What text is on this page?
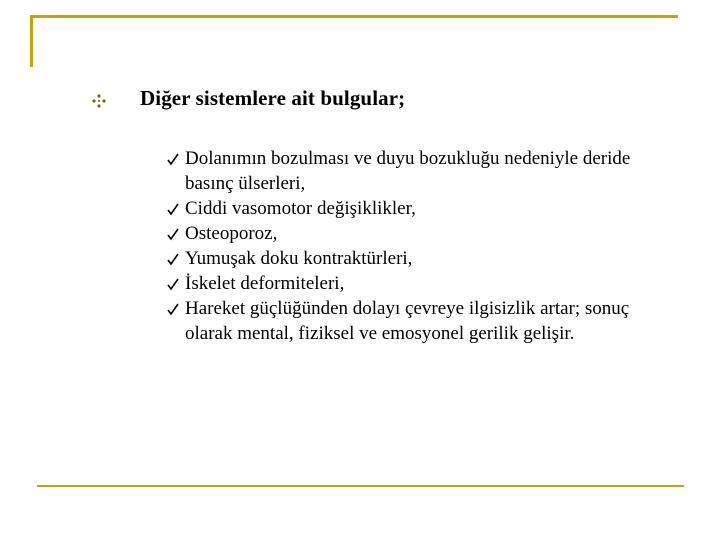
Diğer sistemlere ait bulgular;

Dolanımın bozulması ve duyu bozukluğu nedeniyle deride basınç ülserleri,

Ciddi vasomotor değişiklikler,

Osteoporoz,

Yumuşak doku kontraktürleri,

İskelet deformiteleri,

Hareket güçlüğünden dolayı çevreye ilgisizlik artar; sonuç olarak mental, fiziksel ve emosyonel gerilik gelişir.
